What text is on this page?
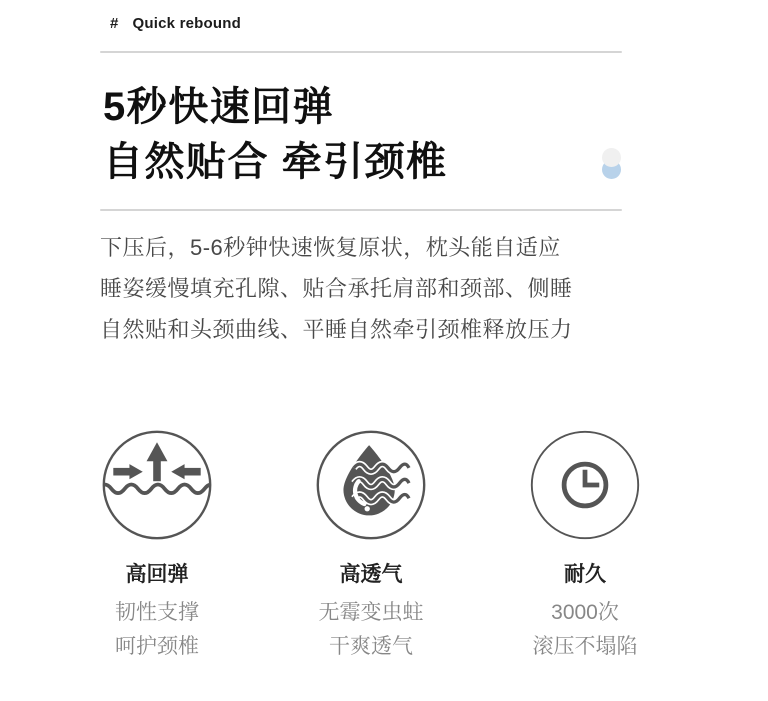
# Quick rebound
5秒快速回弹
自然贴合 牵引颈椎
下压后，5-6秒钟快速恢复原状，枕头能自适应
睡姿缓慢填充孔隙、贴合承托肩部和颈部、侧睡
自然贴和头颈曲线、平睡自然牵引颈椎释放压力
高回弹
韧性支撑
呵护颈椎
高透气
无霉变虫蛀
干爽透气
耐久
3000次
滚压不塌陷
